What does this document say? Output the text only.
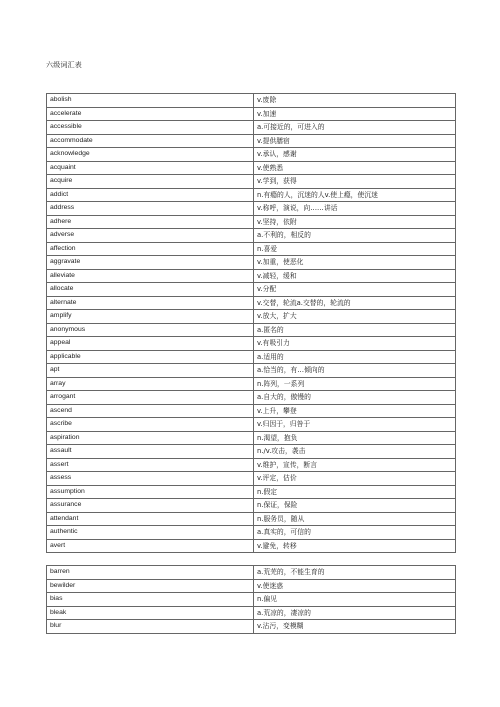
六级词汇表
abolish	v.废除
accelerate	v.加速
accessible	a.可接近的，可进入的
accommodate	v.提供膳宿
acknowledge	v.承认，感谢
acquaint	v.使熟悉
acquire	v.学到，获得
addict	n.有瘾的人，沉迷的人v.使上瘾，使沉迷
address	v.称呼，演说，向……讲话
adhere	v.坚持，依附
adverse	a.不利的，相反的
affection	n.喜爱
aggravate	v.加重，使恶化
alleviate	v.减轻，缓和
allocate	v.分配
alternate	v.交替，轮流a.交替的，轮流的
amplify	v.放大，扩大
anonymous	a.匿名的
appeal	v.有吸引力
applicable	a.适用的
apt	a.恰当的，有…倾向的
array	n.阵列，一系列
arrogant	a.自大的，傲慢的
ascend	v.上升，攀登
ascribe	v.归因于，归咎于
aspiration	n.渴望，抱负
assault	n./v.攻击，袭击
assert	v.维护，宣传，断言
assess	v.评定，估价
assumption	n.假定
assurance	n.保证，保险
attendant	n.服务员，随从
authentic	a.真实的，可信的
avert	v.避免，转移
barren	a.荒芜的，不能生育的
bewilder	v.使迷惑
bias	n.偏见
bleak	a.荒凉的，凄凉的
blur	v.沾污，变模糊
